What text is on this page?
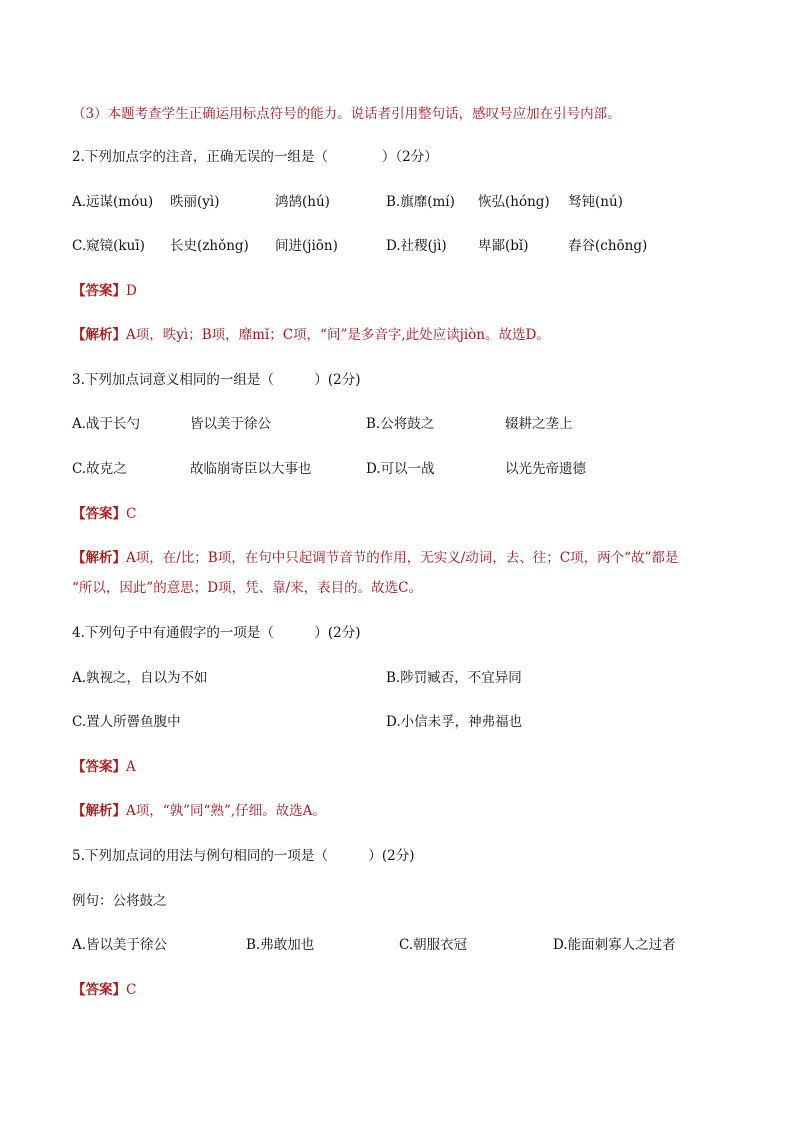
（3）本题考查学生正确运用标点符号的能力。说话者引用整句话，感叹号应加在引号内部。
2.下列加点字的注音，正确无误的一组是（　　　　）（2分）
A.远谋(móu) 昳丽(yì)	鸿鹄(hú)	B.旗靡(mí) 恢弘(hóng) 驽钝(nú)
C.窥镜(kuī) 长史(zhǒng) 间进(jiōn)	D.社稷(jì) 卑鄙(bǐ)	舂谷(chōng)
【答案】D
【解析】A项，昳yì；B项，靡mǐ；C项，“间”是多音字,此处应读jiòn。故选D。
3.下列加点词意义相同的一组是（　　　）(2分)
A.战于长勺	皆以美于徐公	B.公将鼓之	辍耕之垄上
C.故克之	故临崩寄臣以大事也	D.可以一战	以光先帝遗德
【答案】C
【解析】A项，在/比；B项，在句中只起调节音节的作用，无实义/动词，去、往；C项，两个“故”都是
“所以，因此”的意思；D项，凭、靠/来，表目的。故选C。
4.下列句子中有通假字的一项是（　　　）(2分)
A.孰视之，自以为不如	B.陟罚臧否，不宜异同
C.置人所罾鱼腹中	D.小信未孚，神弗福也
【答案】A
【解析】A项，“孰”同“熟”,仔细。故选A。
5.下列加点词的用法与例句相同的一项是（　　　）(2分)
例句：公将鼓之
A.皆以美于徐公	B.弗敢加也	C.朝服衣冠	D.能面刺寡人之过者
【答案】C
